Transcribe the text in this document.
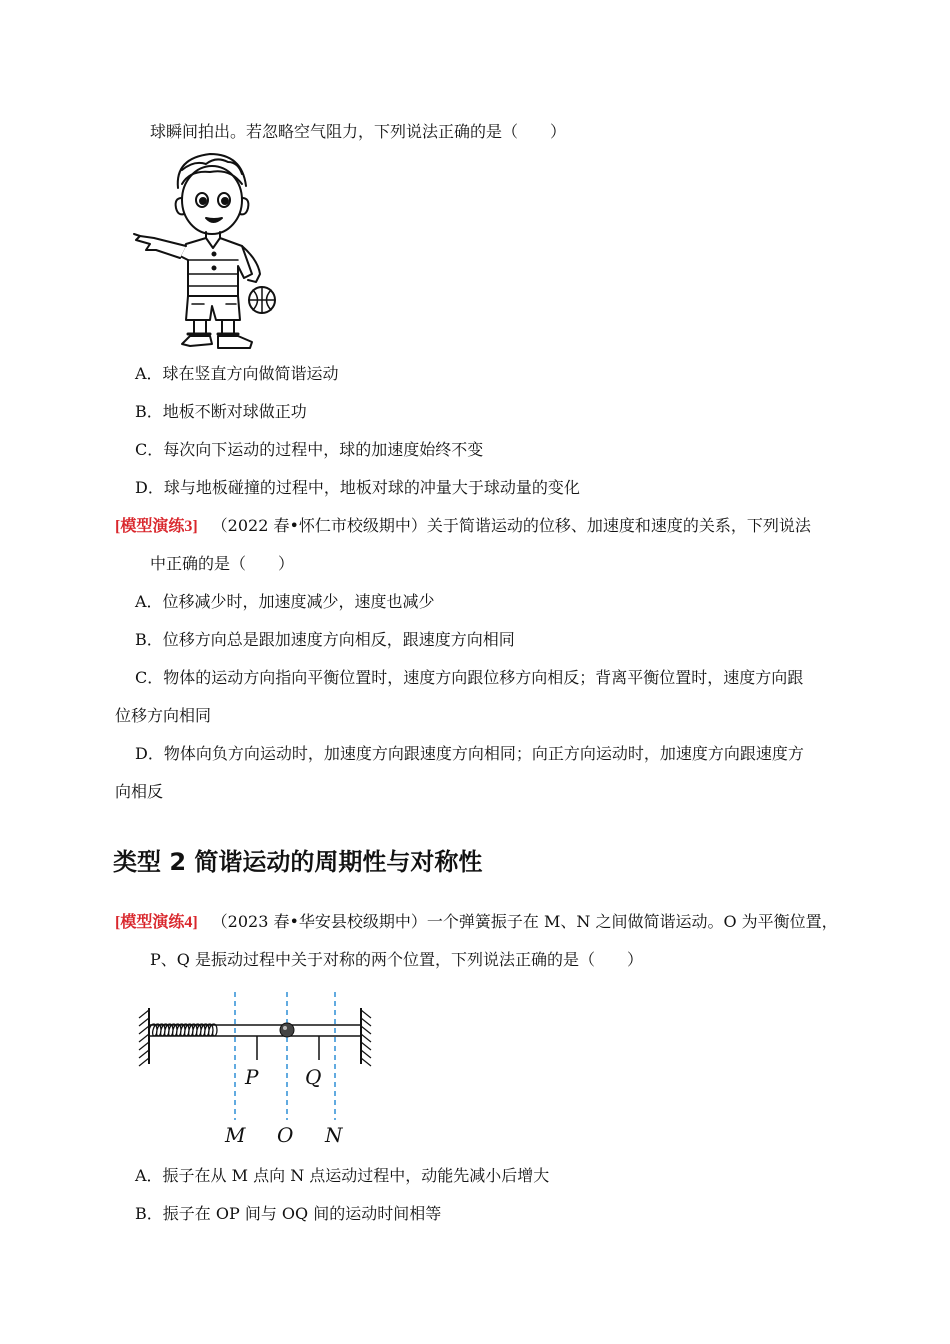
球瞬间拍出。若忽略空气阻力，下列说法正确的是（　　）
A．球在竖直方向做简谐运动
B．地板不断对球做正功
C．每次向下运动的过程中，球的加速度始终不变
D．球与地板碰撞的过程中，地板对球的冲量大于球动量的变化
[模型演练3] （2022 春•怀仁市校级期中）关于简谐运动的位移、加速度和速度的关系，下列说法
中正确的是（　　）
A．位移减少时，加速度减少，速度也减少
B．位移方向总是跟加速度方向相反，跟速度方向相同
C．物体的运动方向指向平衡位置时，速度方向跟位移方向相反；背离平衡位置时，速度方向跟
位移方向相同
D．物体向负方向运动时，加速度方向跟速度方向相同；向正方向运动时，加速度方向跟速度方
向相反
类型 2 简谐运动的周期性与对称性
[模型演练4] （2023 春•华安县校级期中）一个弹簧振子在 M、N 之间做简谐运动。O 为平衡位置，
P、Q 是振动过程中关于对称的两个位置，下列说法正确的是（　　）
P Q
M O N
A．振子在从 M 点向 N 点运动过程中，动能先减小后增大
B．振子在 OP 间与 OQ 间的运动时间相等
